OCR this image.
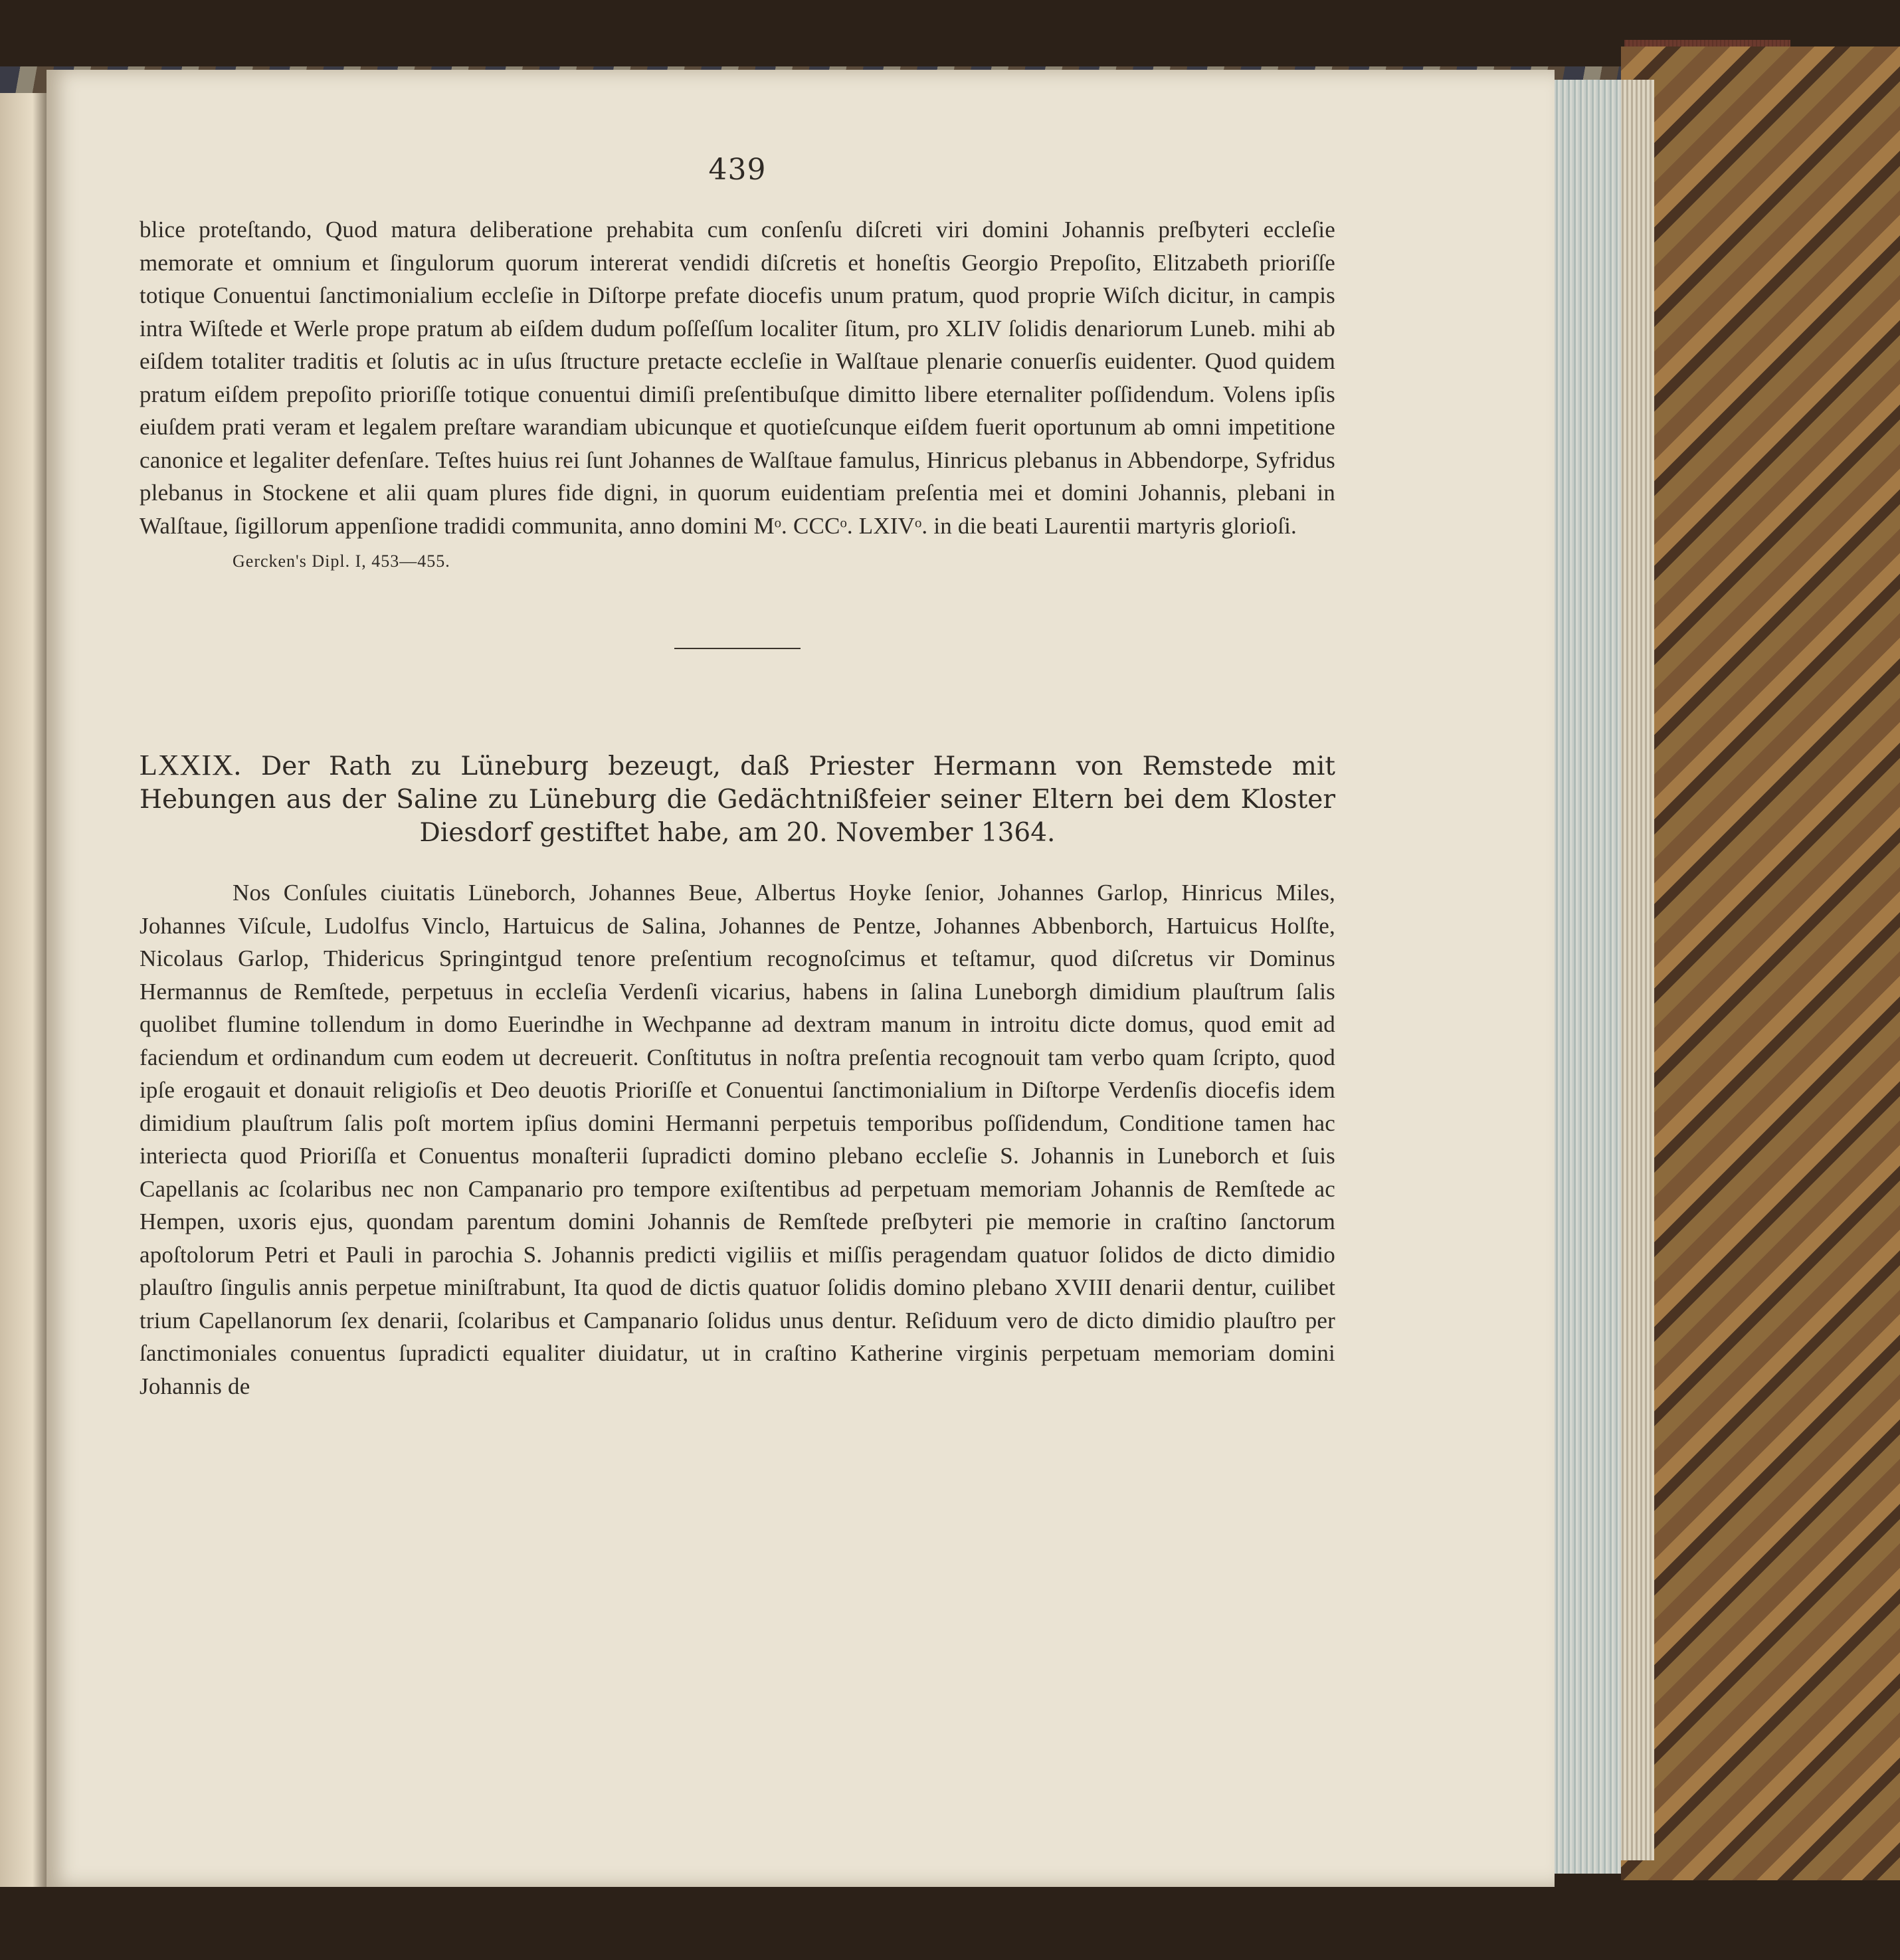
439

blice proteſtando, Quod matura deliberatione prehabita cum conſenſu diſcreti viri domini Johannis preſbyteri eccleſie memorate et omnium et ſingulorum quorum intererat vendidi diſcretis et honeſtis Georgio Prepoſito, Elitzabeth prioriſſe totique Conuentui ſanctimonialium eccleſie in Diſtorpe prefate diocefis unum pratum, quod proprie Wiſch dicitur, in campis intra Wiſtede et Werle prope pratum ab eiſdem dudum poſſeſſum localiter ſitum, pro XLIV ſolidis denariorum Luneb. mihi ab eiſdem totaliter traditis et ſolutis ac in uſus ſtructure pretacte eccleſie in Walſtaue plenarie conuerſis euidenter. Quod quidem pratum eiſdem prepoſito prioriſſe totique conuentui dimiſi preſentibuſque dimitto libere eternaliter poſſidendum. Volens ipſis eiuſdem prati veram et legalem preſtare warandiam ubicunque et quotieſcunque eiſdem fuerit oportunum ab omni impetitione canonice et legaliter defenſare. Teſtes huius rei ſunt Johannes de Walſtaue famulus, Hinricus plebanus in Abbendorpe, Syfridus plebanus in Stockene et alii quam plures fide digni, in quorum euidentiam preſentia mei et domini Johannis, plebani in Walſtaue, ſigillorum appenſione tradidi communita, anno domini Mᵒ. CCCᵒ. LXIVᵒ. in die beati Laurentii martyris glorioſi.

Gercken's Dipl. I, 453—455.
LXXIX. Der Rath zu Lüneburg bezeugt, daß Priester Hermann von Remstede mit Hebungen aus der Saline zu Lüneburg die Gedächtnißfeier seiner Eltern bei dem Kloster Diesdorf gestiftet habe, am 20. November 1364.

Nos Conſules ciuitatis Lüneborch, Johannes Beue, Albertus Hoyke ſenior, Johannes Garlop, Hinricus Miles, Johannes Viſcule, Ludolfus Vinclo, Hartuicus de Salina, Johannes de Pentze, Johannes Abbenborch, Hartuicus Holſte, Nicolaus Garlop, Thidericus Springintgud tenore preſentium recognoſcimus et teſtamur, quod diſcretus vir Dominus Hermannus de Remſtede, perpetuus in eccleſia Verdenſi vicarius, habens in ſalina Luneborgh dimidium plauſtrum ſalis quolibet flumine tollendum in domo Euerindhe in Wechpanne ad dextram manum in introitu dicte domus, quod emit ad faciendum et ordinandum cum eodem ut decreuerit. Conſtitutus in noſtra preſentia recognouit tam verbo quam ſcripto, quod ipſe erogauit et donauit religioſis et Deo deuotis Prioriſſe et Conuentui ſanctimonialium in Diſtorpe Verdenſis diocefis idem dimidium plauſtrum ſalis poſt mortem ipſius domini Hermanni perpetuis temporibus poſſidendum, Conditione tamen hac interiecta quod Prioriſſa et Conuentus monaſterii ſupradicti domino plebano eccleſie S. Johannis in Luneborch et ſuis Capellanis ac ſcolaribus nec non Campanario pro tempore exiſtentibus ad perpetuam memoriam Johannis de Remſtede ac Hempen, uxoris ejus, quondam parentum domini Johannis de Remſtede preſbyteri pie memorie in craſtino ſanctorum apoſtolorum Petri et Pauli in parochia S. Johannis predicti vigiliis et miſſis peragendam quatuor ſolidos de dicto dimidio plauſtro ſingulis annis perpetue miniſtrabunt, Ita quod de dictis quatuor ſolidis domino plebano XVIII denarii dentur, cuilibet trium Capellanorum ſex denarii, ſcolaribus et Campanario ſolidus unus dentur. Reſiduum vero de dicto dimidio plauſtro per ſanctimoniales conuentus ſupradicti equaliter diuidatur, ut in craſtino Katherine virginis perpetuam memoriam domini Johannis de
